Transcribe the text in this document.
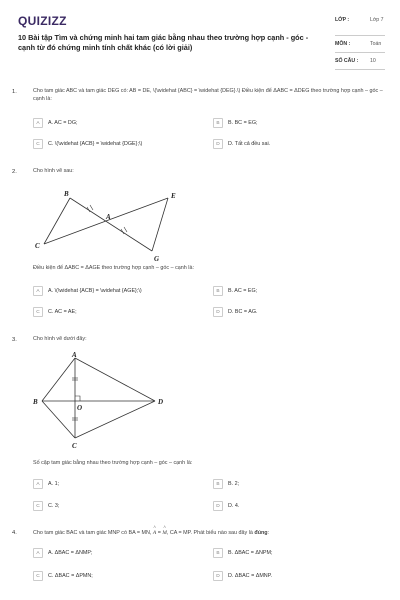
QUIZIZZ
10 Bài tập Tìm và chứng minh hai tam giác bằng nhau theo trường hợp cạnh - góc - cạnh từ đó chứng minh tính chất khác (có lời giải)
LỚP :	Lớp 7
MÔN :	Toán
SỐ CÂU : 10
1.	Cho tam giác ABC và tam giác DEG có: AB = DE, \(\widehat {ABC} = \widehat {DEG}.\) Điều kiện để ΔABC = ΔDEG theo trường hợp cạnh – góc – cạnh là:
A	A. AC = DG;	B	B. BC = EG;
C	C. \(\widehat {ACB} = \widehat {DGE};\)	D	D. Tất cả đều sai.
2.	Cho hình vẽ sau:
B
A
E
C
G
Điều kiện để ΔABC = ΔAGE theo trường hợp cạnh – góc – cạnh là:
A	A. \(\widehat {ACB} = \widehat {AGE};\)	B	B. AC = EG;
C	C. AC = AE;	D	D. BC = AG.
3.	Cho hình vẽ dưới đây:
A
B
O
D
C
Số cặp tam giác bằng nhau theo trường hợp cạnh – góc – cạnh là:
A	A. 1;	B	B. 2;
C	C. 3;	D	D. 4.
4.	Cho tam giác BAC và tam giác MNP có BA = MN,
^
A =
^
M, CA = MP. Phát biểu nào sau đây là đúng:
A	A. ΔBAC = ΔNMP;	B	B. ΔBAC = ΔNPM;
C	C. ΔBAC = ΔPMN;	D	D. ΔBAC = ΔMNP.
